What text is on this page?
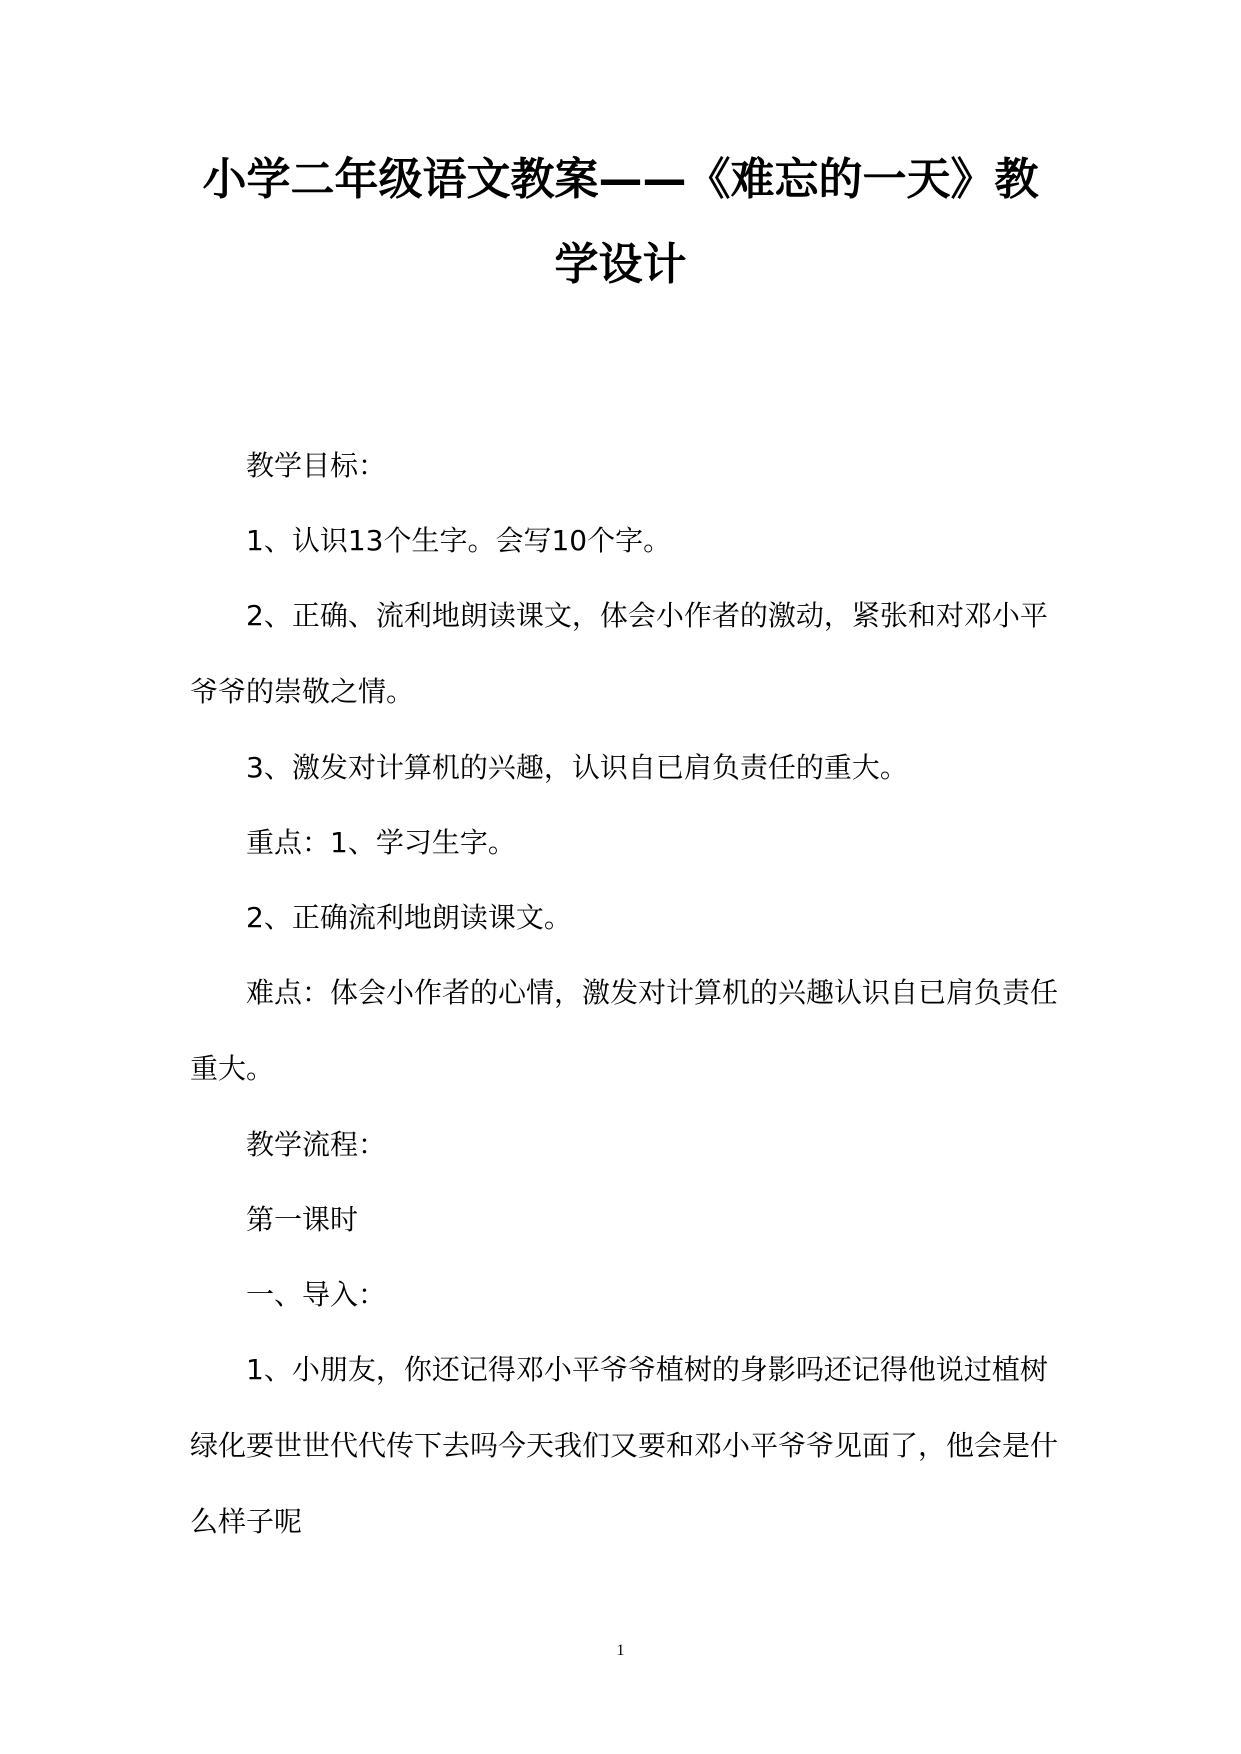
小学二年级语文教案——《难忘的一天》教
学设计

教学目标：

1、认识13个生字。会写10个字。

2、正确、流利地朗读课文，体会小作者的激动，紧张和对邓小平爷爷的崇敬之情。

3、激发对计算机的兴趣，认识自已肩负责任的重大。

重点：1、学习生字。

2、正确流利地朗读课文。

难点：体会小作者的心情，激发对计算机的兴趣认识自已肩负责任重大。

教学流程：

第一课时

一、导入：

1、小朋友，你还记得邓小平爷爷植树的身影吗还记得他说过植树绿化要世世代代传下去吗今天我们又要和邓小平爷爷见面了，他会是什么样子呢

1
